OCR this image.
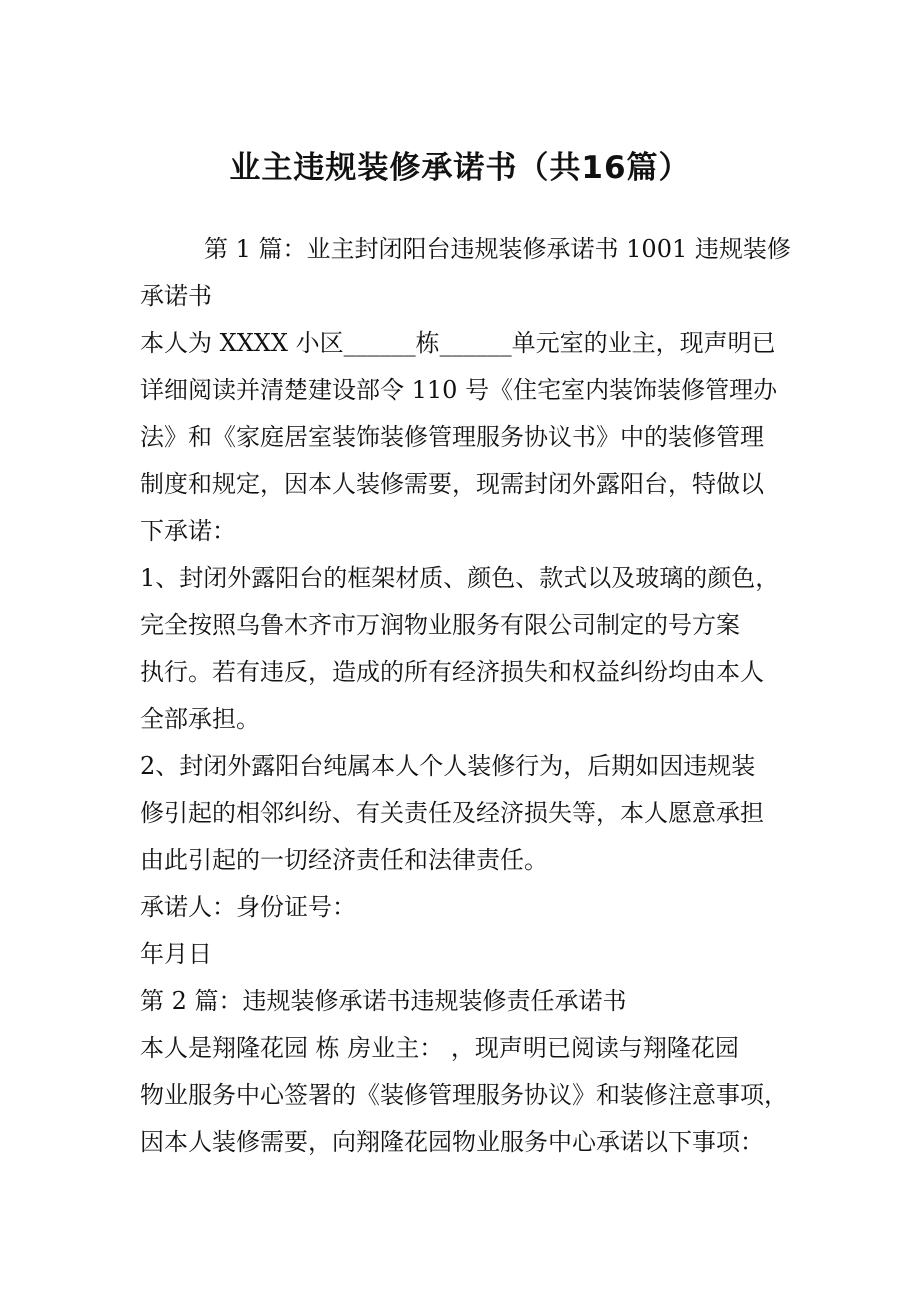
业主违规装修承诺书（共16篇）
第 1 篇：业主封闭阳台违规装修承诺书 1001 违规装修
承诺书
本人为 XXXX 小区______栋______单元室的业主，现声明已
详细阅读并清楚建设部令 110 号《住宅室内装饰装修管理办
法》和《家庭居室装饰装修管理服务协议书》中的装修管理
制度和规定，因本人装修需要，现需封闭外露阳台，特做以
下承诺：
1、封闭外露阳台的框架材质、颜色、款式以及玻璃的颜色，
完全按照乌鲁木齐市万润物业服务有限公司制定的号方案
执行。若有违反，造成的所有经济损失和权益纠纷均由本人
全部承担。
2、封闭外露阳台纯属本人个人装修行为，后期如因违规装
修引起的相邻纠纷、有关责任及经济损失等，本人愿意承担
由此引起的一切经济责任和法律责任。
承诺人：身份证号：
年月日
第 2 篇：违规装修承诺书违规装修责任承诺书
本人是翔隆花园 栋 房业主： ，现声明已阅读与翔隆花园
物业服务中心签署的《装修管理服务协议》和装修注意事项，
因本人装修需要，向翔隆花园物业服务中心承诺以下事项：
